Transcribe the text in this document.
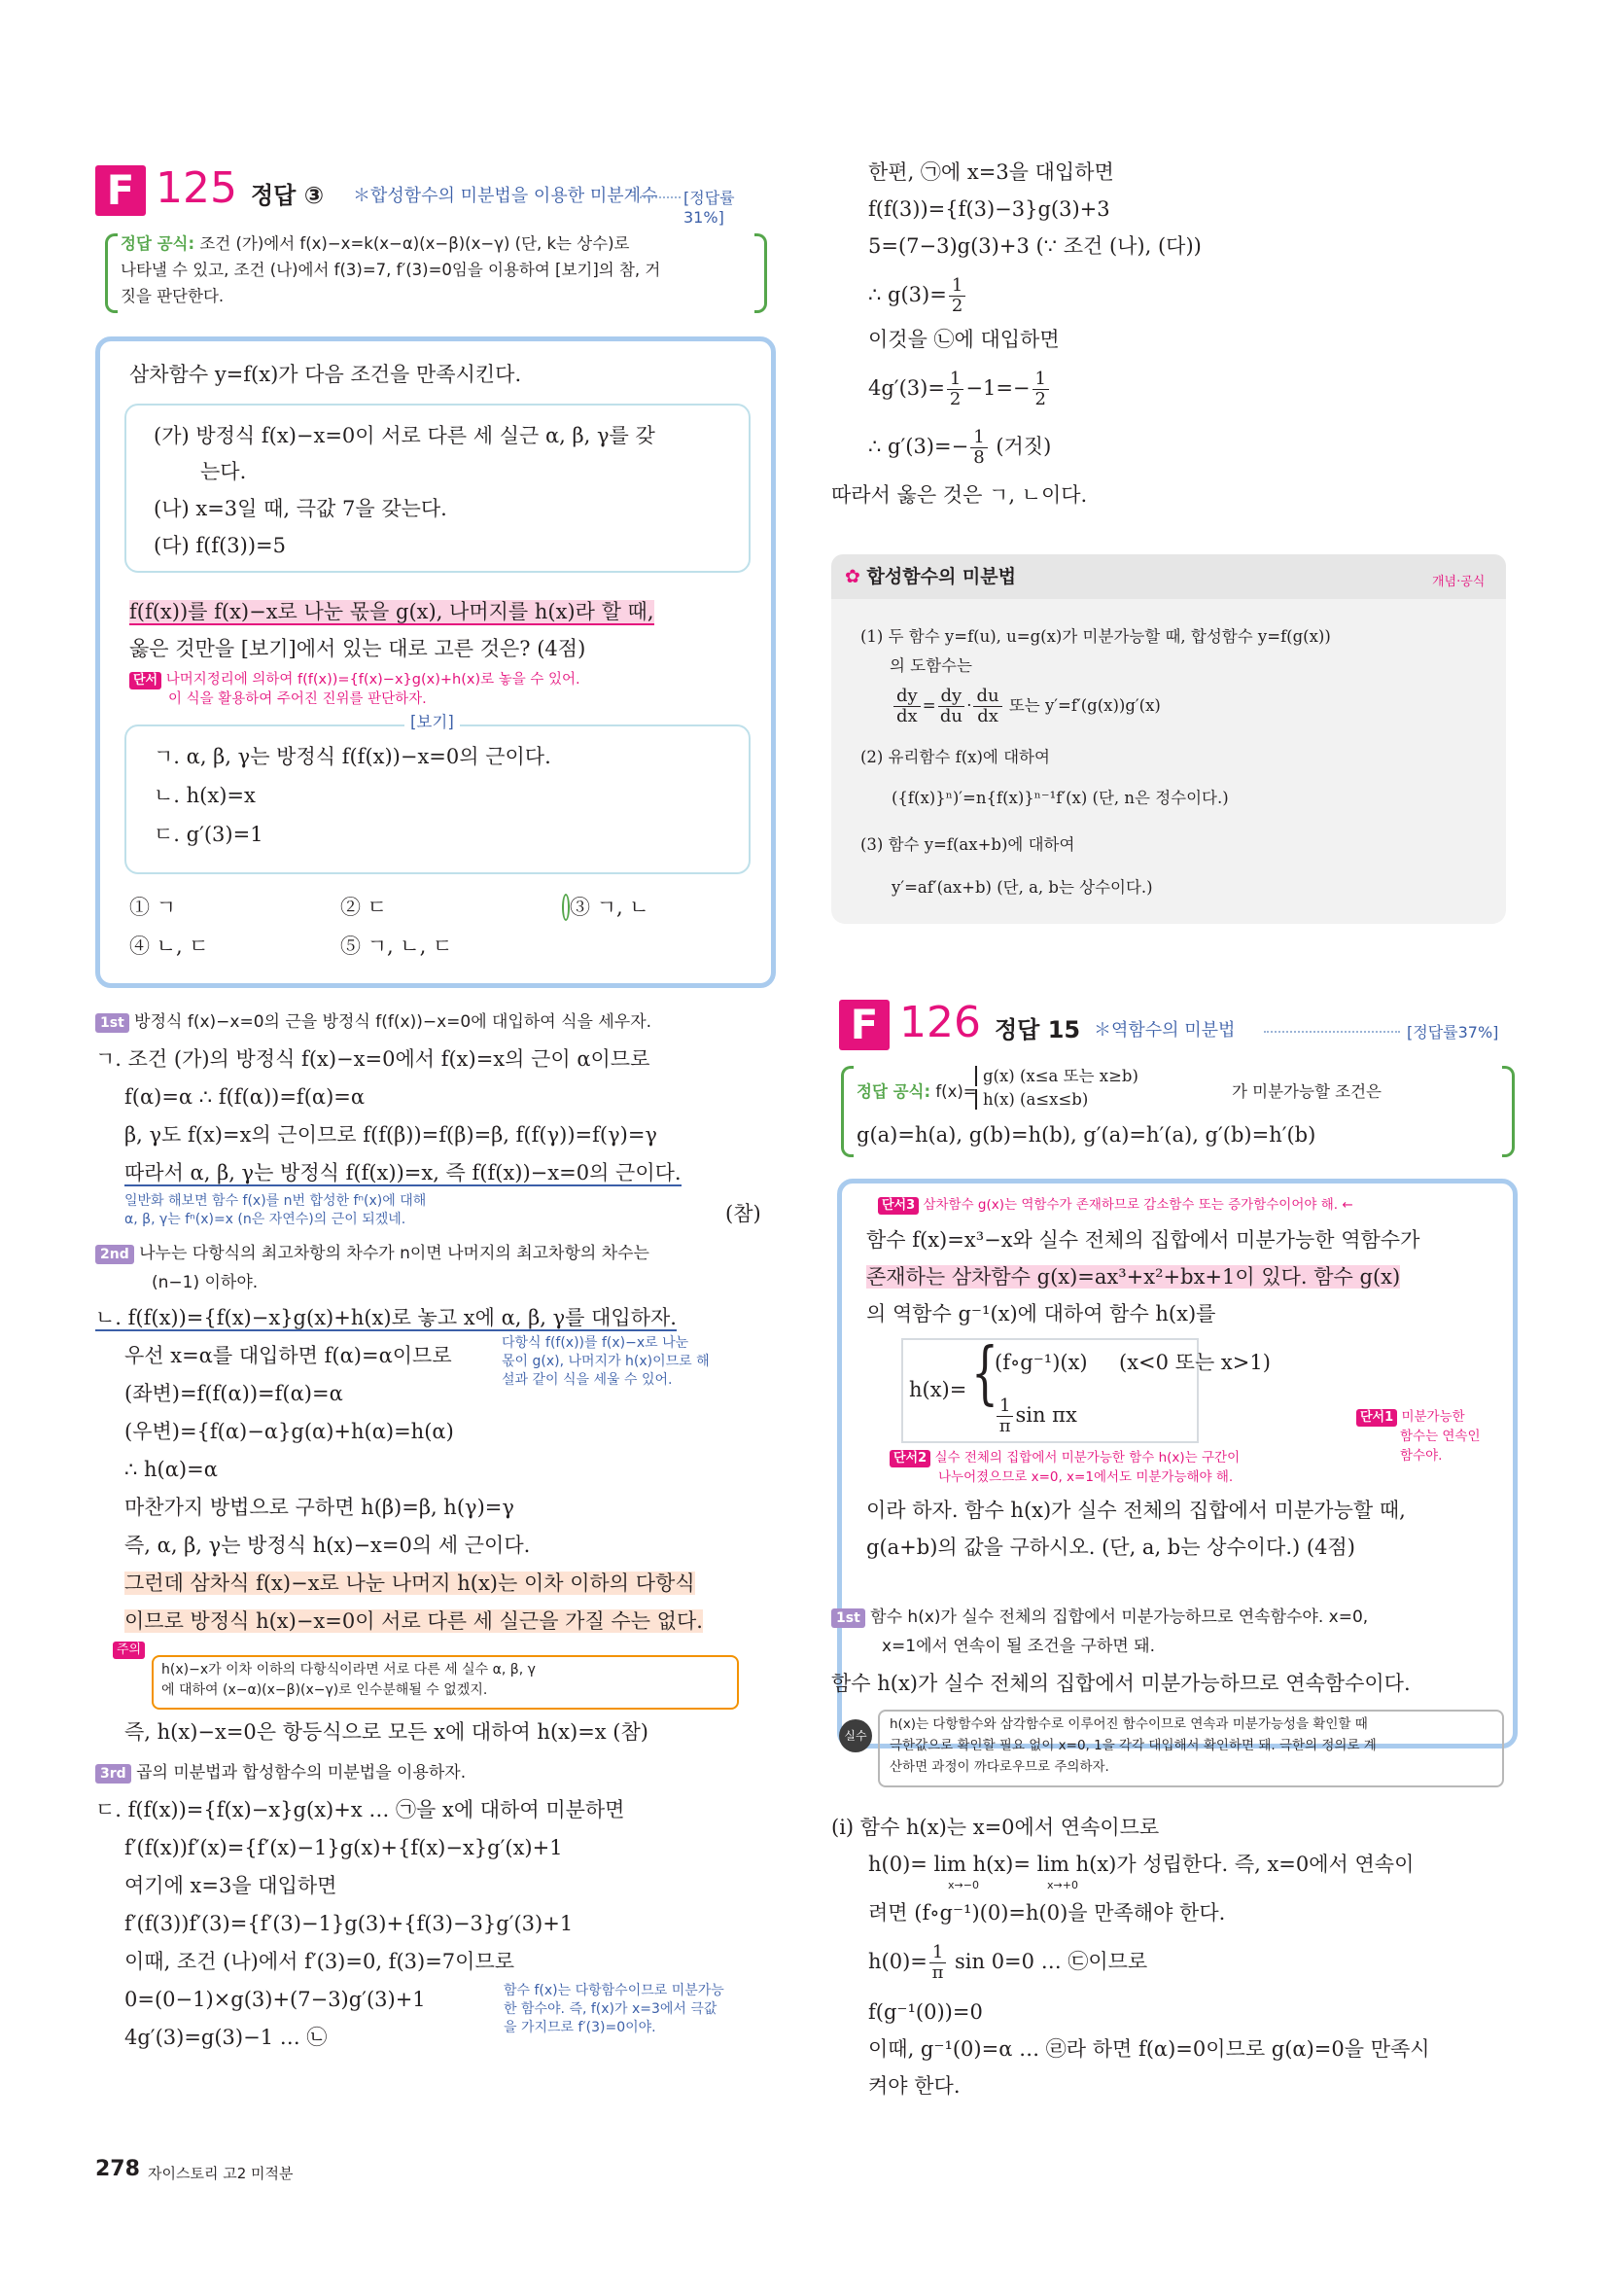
F 125 정답 ③ ＊합성함수의 미분법을 이용한 미분계수 [정답률 31%]
정답 공식: 조건 (가)에서 f(x)−x=k(x−α)(x−β)(x−γ) (단, k는 상수)로
나타낼 수 있고, 조건 (나)에서 f(3)=7, f′(3)=0임을 이용하여 [보기]의 참, 거
짓을 판단한다.
삼차함수 y=f(x)가 다음 조건을 만족시킨다.
(가) 방정식 f(x)−x=0이 서로 다른 세 실근 α, β, γ를 갖
는다.
(나) x=3일 때, 극값 7을 갖는다.
(다) f(f(3))=5
f(f(x))를 f(x)−x로 나눈 몫을 g(x), 나머지를 h(x)라 할 때,
옳은 것만을 [보기]에서 있는 대로 고른 것은? (4점)
단서 나머지정리에 의하여 f(f(x))={f(x)−x}g(x)+h(x)로 놓을 수 있어.
이 식을 활용하여 주어진 진위를 판단하자.
[보기]
ㄱ. α, β, γ는 방정식 f(f(x))−x=0의 근이다.
ㄴ. h(x)=x
ㄷ. g′(3)=1
① ㄱ	② ㄷ	③ ㄱ, ㄴ
④ ㄴ, ㄷ	⑤ ㄱ, ㄴ, ㄷ
1st 방정식 f(x)−x=0의 근을 방정식 f(f(x))−x=0에 대입하여 식을 세우자.
ㄱ. 조건 (가)의 방정식 f(x)−x=0에서 f(x)=x의 근이 α이므로
f(α)=α ∴ f(f(α))=f(α)=α
β, γ도 f(x)=x의 근이므로 f(f(β))=f(β)=β, f(f(γ))=f(γ)=γ
따라서 α, β, γ는 방정식 f(f(x))=x, 즉 f(f(x))−x=0의 근이다.
일반화 해보면 함수 f(x)를 n번 합성한 fⁿ(x)에 대해
α, β, γ는 fⁿ(x)=x (n은 자연수)의 근이 되겠네.	(참)
2nd 나누는 다항식의 최고차항의 차수가 n이면 나머지의 최고차항의 차수는
(n−1) 이하야.
ㄴ. f(f(x))={f(x)−x}g(x)+h(x)로 놓고 x에 α, β, γ를 대입하자.
우선 x=α를 대입하면 f(α)=α이므로
다항식 f(f(x))를 f(x)−x로 나눈
몫이 g(x), 나머지가 h(x)이므로 해
설과 같이 식을 세울 수 있어.
(좌변)=f(f(α))=f(α)=α
(우변)={f(α)−α}g(α)+h(α)=h(α)
∴ h(α)=α
마찬가지 방법으로 구하면 h(β)=β, h(γ)=γ
즉, α, β, γ는 방정식 h(x)−x=0의 세 근이다.
그런데 삼차식 f(x)−x로 나눈 나머지 h(x)는 이차 이하의 다항식
이므로 방정식 h(x)−x=0이 서로 다른 세 실근을 가질 수는 없다.
주의
h(x)−x가 이차 이하의 다항식이라면 서로 다른 세 실수 α, β, γ
에 대하여 (x−α)(x−β)(x−γ)로 인수분해될 수 없겠지.
즉, h(x)−x=0은 항등식으로 모든 x에 대하여 h(x)=x (참)
3rd 곱의 미분법과 합성함수의 미분법을 이용하자.
ㄷ. f(f(x))={f(x)−x}g(x)+x … ㉠을 x에 대하여 미분하면
f′(f(x))f′(x)={f′(x)−1}g(x)+{f(x)−x}g′(x)+1
여기에 x=3을 대입하면
f′(f(3))f′(3)={f′(3)−1}g(3)+{f(3)−3}g′(3)+1
이때, 조건 (나)에서 f′(3)=0, f(3)=7이므로
0=(0−1)×g(3)+(7−3)g′(3)+1
4g′(3)=g(3)−1 … ㉡
함수 f(x)는 다항함수이므로 미분가능
한 함수야. 즉, f(x)가 x=3에서 극값
을 가지므로 f′(3)=0이야.
한편, ㉠에 x=3을 대입하면
f(f(3))={f(3)−3}g(3)+3
5=(7−3)g(3)+3 (∵ 조건 (나), (다))
∴ $g(3)= \frac{1}{2}$
이것을 ㉡에 대입하면
$4g'(3)= \frac{1}{2} -1=- \frac{1}{2}$
∴ $g'(3)=- \frac{1}{8}$ (거짓)
따라서 옳은 것은 ㄱ, ㄴ이다.
✿ 합성함수의 미분법	개념·공식
(1) 두 함수 y=f(u), u=g(x)가 미분가능할 때, 합성함수 y=f(g(x))
의 도함수는
$\frac{dy}{dx} = \frac{dy}{du} \cdot \frac{du}{dx}$ 또는 y′=f′(g(x))g′(x)
(2) 유리함수 f(x)에 대하여
({f(x)}ⁿ)′=n{f(x)}ⁿ⁻¹f′(x) (단, n은 정수이다.)
(3) 함수 y=f(ax+b)에 대하여
y′=af′(ax+b) (단, a, b는 상수이다.)
F 126 정답 15 ＊역함수의 미분법	[정답률37%]
정답 공식: f(x)=
g(x) (x≤a 또는 x≥b)
h(x) (a≤x≤b)	가 미분가능할 조건은
g(a)=h(a), g(b)=h(b), g′(a)=h′(a), g′(b)=h′(b)
단서3 삼차함수 g(x)는 역함수가 존재하므로 감소함수 또는 증가함수이어야 해. ←
함수 f(x)=x³−x와 실수 전체의 집합에서 미분가능한 역함수가
존재하는 삼차함수 g(x)=ax³+x²+bx+1이 있다. 함수 g(x)
의 역함수 g⁻¹(x)에 대하여 함수 h(x)를
h(x)= {
(f∘g⁻¹)(x) (x<0 또는 x>1)
$\frac{1}{\pi}$ sin πx	단서1 미분가능한
함수는 연속인
함수야.
단서2 실수 전체의 집합에서 미분가능한 함수 h(x)는 구간이
나누어졌으므로 x=0, x=1에서도 미분가능해야 해.
이라 하자. 함수 h(x)가 실수 전체의 집합에서 미분가능할 때,
g(a+b)의 값을 구하시오. (단, a, b는 상수이다.) (4점)
1st 함수 h(x)가 실수 전체의 집합에서 미분가능하므로 연속함수야. x=0,
x=1에서 연속이 될 조건을 구하면 돼.
함수 h(x)가 실수 전체의 집합에서 미분가능하므로 연속함수이다.
실수
h(x)는 다항함수와 삼각함수로 이루어진 함수이므로 연속과 미분가능성을 확인할 때
극한값으로 확인할 필요 없이 x=0, 1을 각각 대입해서 확인하면 돼. 극한의 정의로 계
산하면 과정이 까다로우므로 주의하자.
(ⅰ) 함수 h(x)는 x=0에서 연속이므로
h(0)= lim h(x)= lim h(x)가 성립한다. 즉, x=0에서 연속이
x→−0	x→+0
려면 (f∘g⁻¹)(0)=h(0)을 만족해야 한다.
$h(0)= \frac{1}{\pi}$ sin 0=0 … ㉢이므로
f(g⁻¹(0))=0
이때, g⁻¹(0)=α … ㉣라 하면 f(α)=0이므로 g(α)=0을 만족시
켜야 한다.
278 자이스토리 고2 미적분
